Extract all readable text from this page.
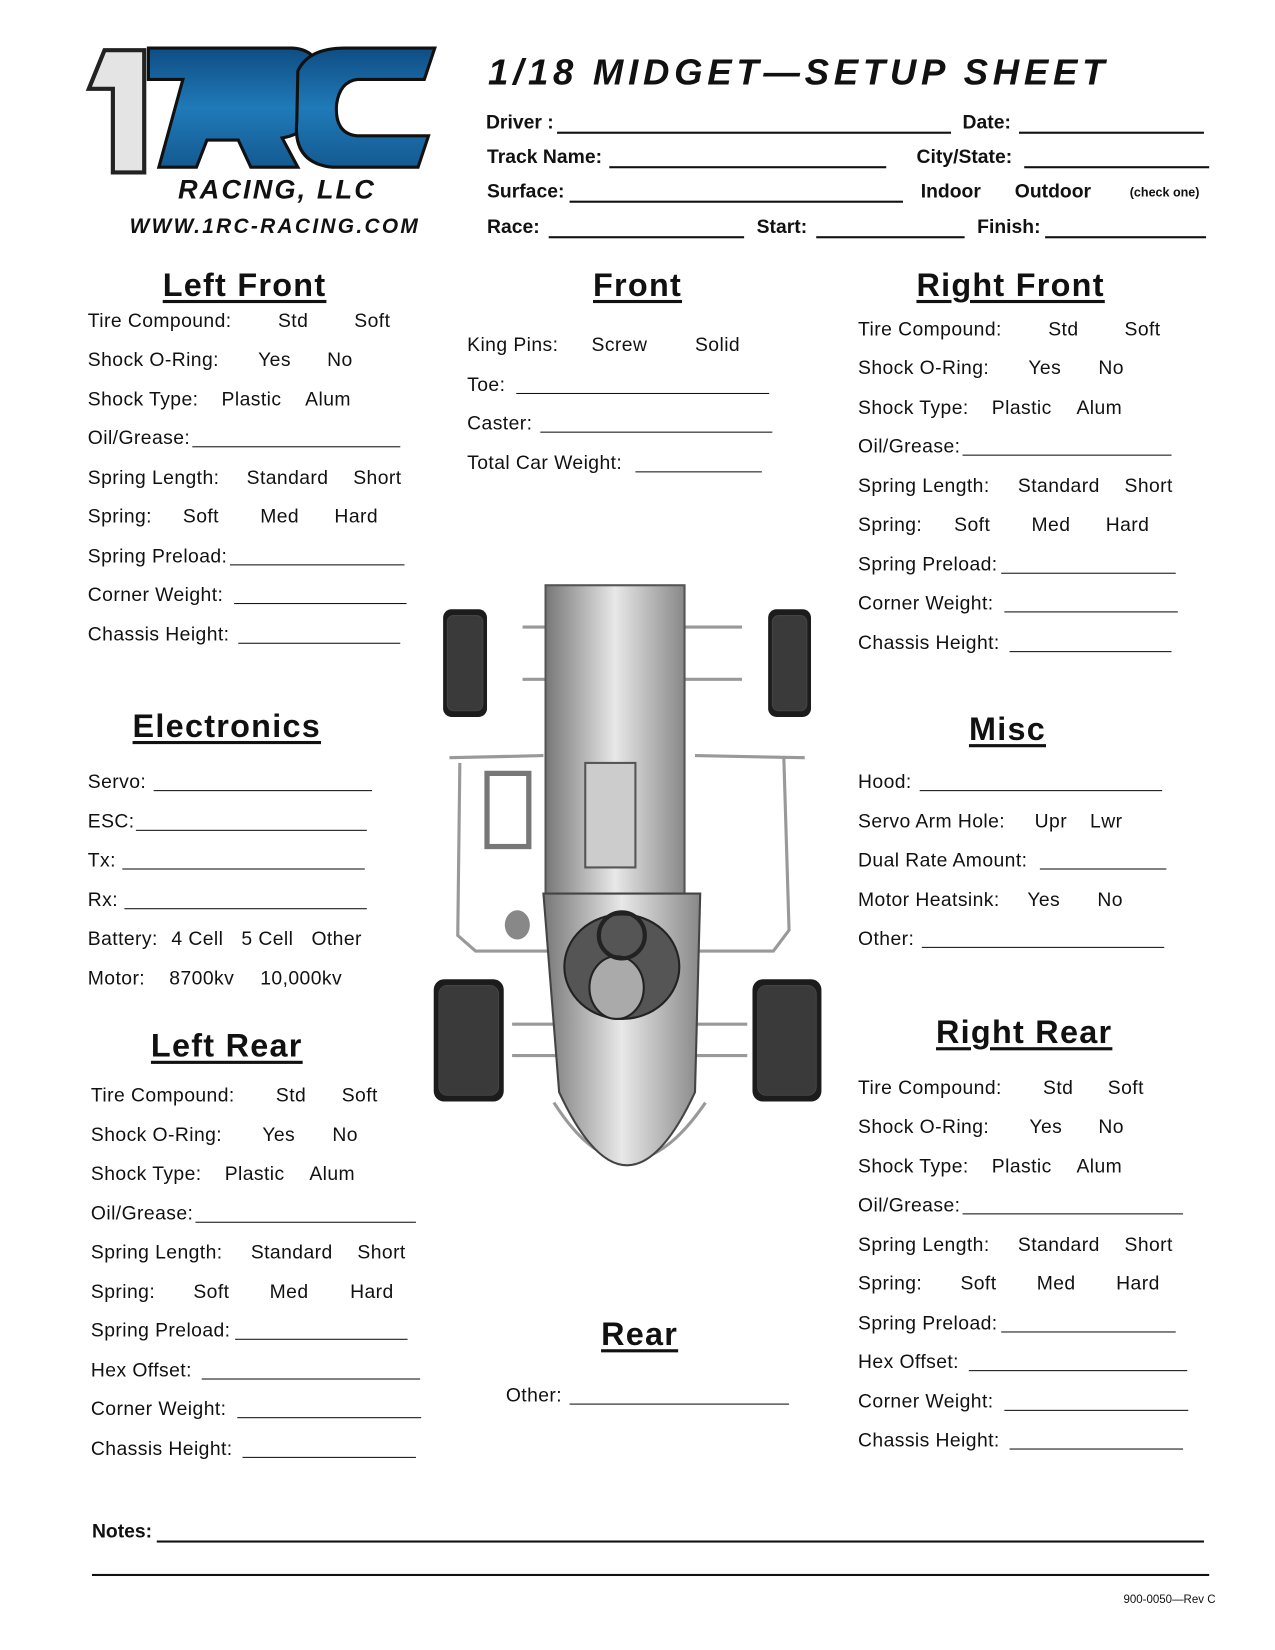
RACING, LLC
WWW.1RC-RACING.COM
1/18 MIDGET—SETUP SHEET
Driver :	Date:
Track Name:	City/State:
Surface:	Indoor Outdoor	(check one)
Race:	Start:	Finish:
Left Front
Tire Compound:	Std Soft
Shock O-Ring: Yes No
Shock Type: Plastic Alum
Oil/Grease:
Spring Length: Standard Short
Spring: Soft Med Hard
Spring Preload:
Corner Weight:
Chassis Height:
Front
King Pins: Screw	Solid
Toe:
Caster:
Total Car Weight:
Right Front
Tire Compound:	Std Soft
Shock O-Ring: Yes No
Shock Type: Plastic Alum
Oil/Grease:
Spring Length: Standard Short
Spring: Soft Med Hard
Spring Preload:
Corner Weight:
Chassis Height:
Electronics
Servo:
ESC:
Tx:
Rx:
Battery: 4 Cell 5 Cell Other
Motor: 8700kv 10,000kv
Misc
Hood:
Servo Arm Hole: Upr Lwr
Dual Rate Amount:
Motor Heatsink: Yes No
Other:
Left Rear
Tire Compound: Std Soft
Shock O-Ring: Yes No
Shock Type: Plastic Alum
Oil/Grease:
Spring Length: Standard Short
Spring: Soft Med Hard
Spring Preload:
Hex Offset:
Corner Weight:
Chassis Height:
Rear
Other:
Right Rear
Tire Compound: Std Soft
Shock O-Ring: Yes No
Shock Type: Plastic Alum
Oil/Grease:
Spring Length: Standard Short
Spring: Soft Med Hard
Spring Preload:
Hex Offset:
Corner Weight:
Chassis Height:
Notes:
900-0050—Rev C
